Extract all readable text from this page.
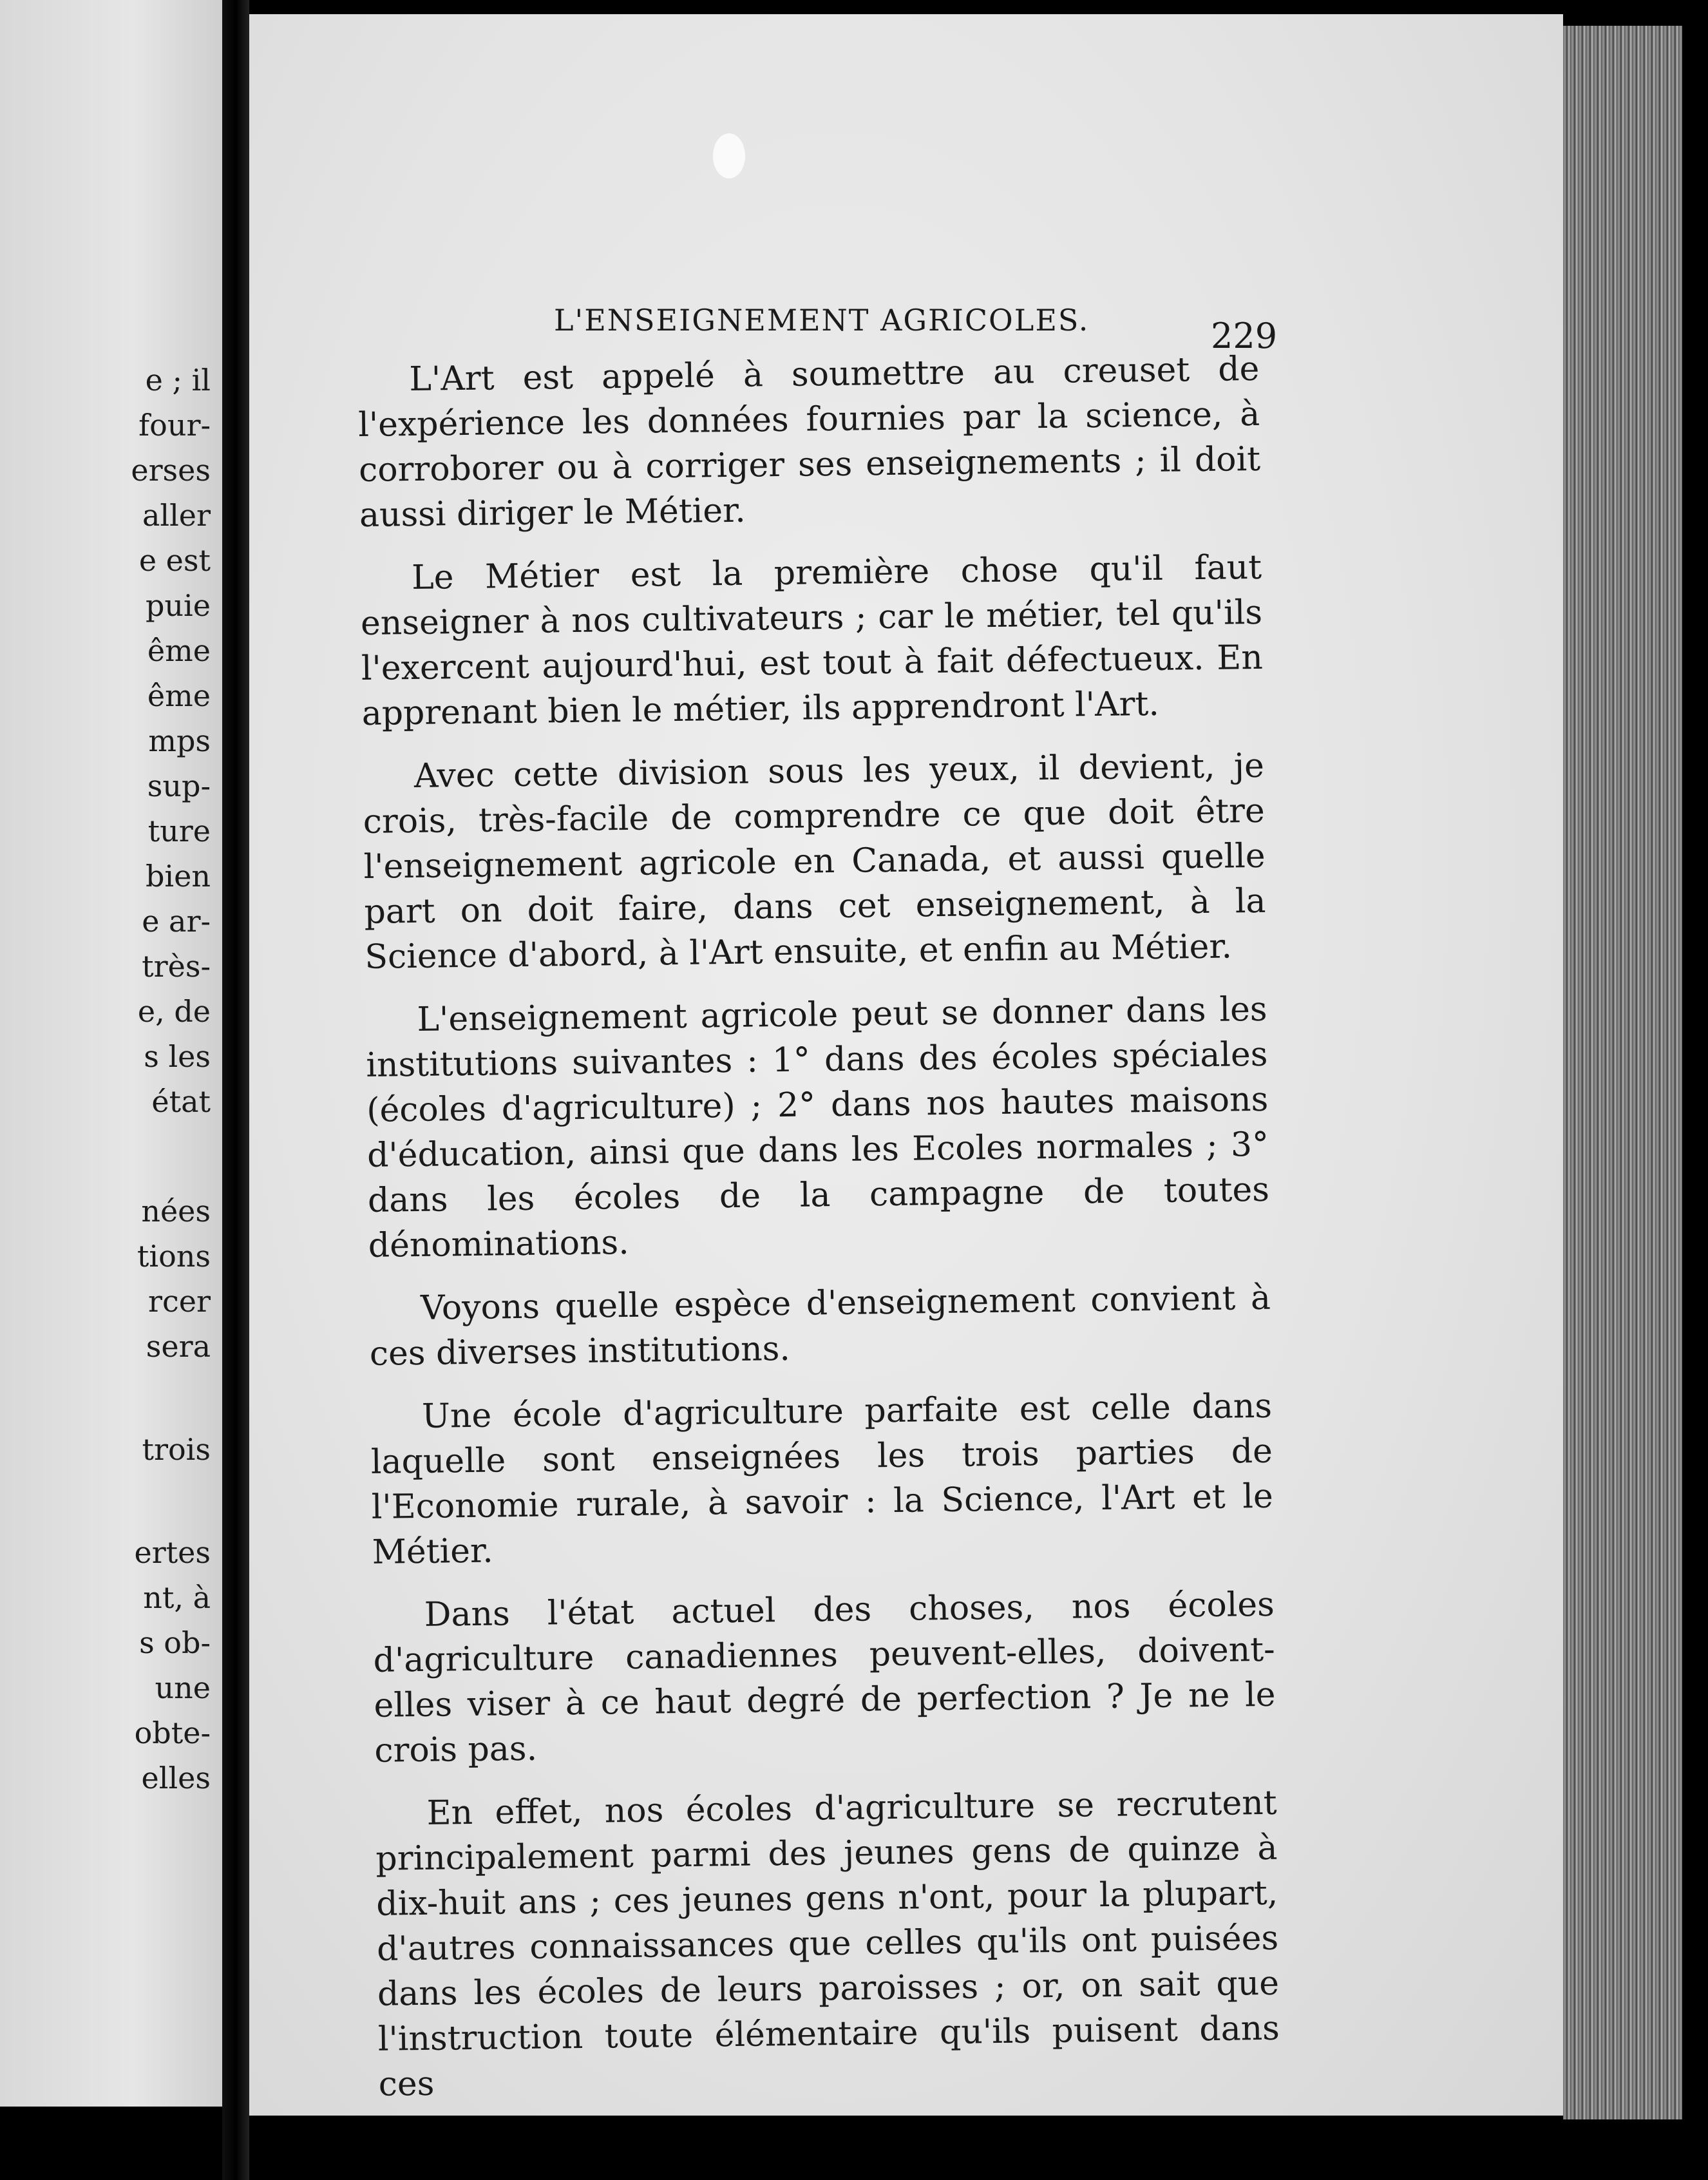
e ; il
four-
erses
aller
e est
puie
ême
ême
mps
sup-
ture
bien
e ar-
très-
e, de
s les
état
nées
tions
rcer
sera
trois
ertes
nt, à
s ob-
une
obte-
elles
L'ENSEIGNEMENT AGRICOLES.	229

L'Art est appelé à soumettre au creuset de l'expérience les données fournies par la science, à corroborer ou à corriger ses enseignements ; il doit aussi diriger le Métier.

Le Métier est la première chose qu'il faut enseigner à nos cultivateurs ; car le métier, tel qu'ils l'exercent aujourd'hui, est tout à fait défectueux. En apprenant bien le métier, ils apprendront l'Art.

Avec cette division sous les yeux, il devient, je crois, très-facile de comprendre ce que doit être l'enseignement agricole en Canada, et aussi quelle part on doit faire, dans cet enseignement, à la Science d'abord, à l'Art ensuite, et enfin au Métier.

L'enseignement agricole peut se donner dans les institutions suivantes : 1° dans des écoles spéciales (écoles d'agriculture) ; 2° dans nos hautes maisons d'éducation, ainsi que dans les Ecoles normales ; 3° dans les écoles de la campagne de toutes dénominations.

Voyons quelle espèce d'enseignement convient à ces diverses institutions.

Une école d'agriculture parfaite est celle dans laquelle sont enseignées les trois parties de l'Economie rurale, à savoir : la Science, l'Art et le Métier.

Dans l'état actuel des choses, nos écoles d'agriculture canadiennes peuvent-elles, doivent-elles viser à ce haut degré de perfection ? Je ne le crois pas.

En effet, nos écoles d'agriculture se recrutent principalement parmi des jeunes gens de quinze à dix-huit ans ; ces jeunes gens n'ont, pour la plupart, d'autres connaissances que celles qu'ils ont puisées dans les écoles de leurs paroisses ; or, on sait que l'instruction toute élémentaire qu'ils puisent dans ces
